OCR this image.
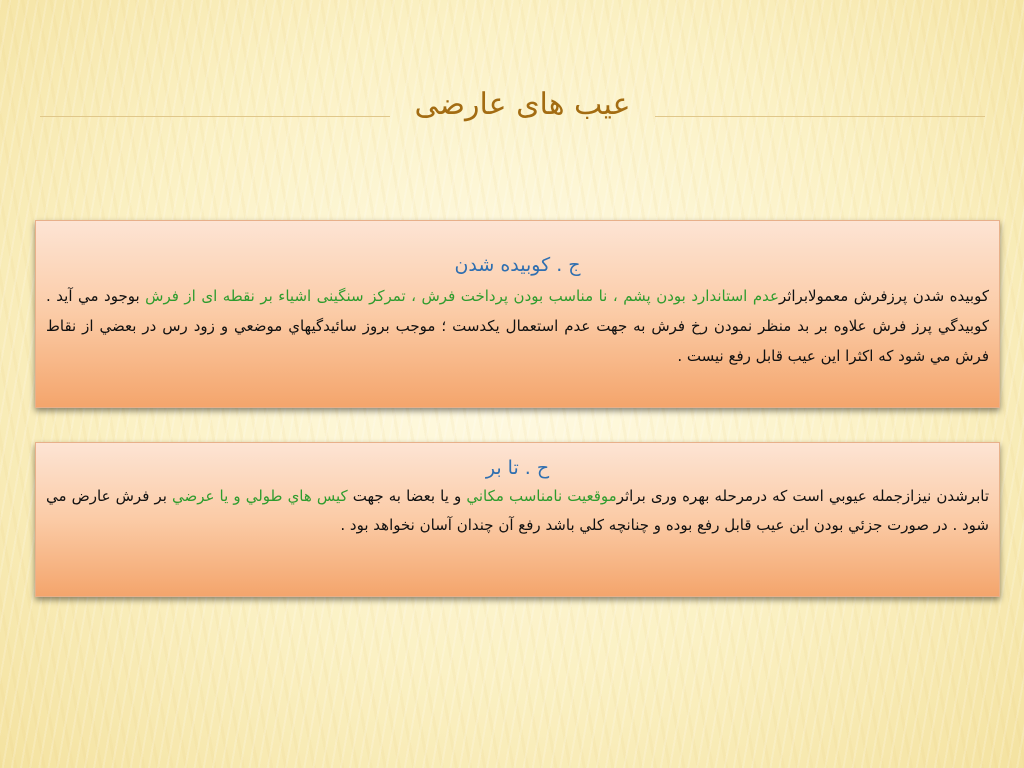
عیب های عارضی
ج . کوبیده شدن

کوبیده شدن پرزفرش معمولابراثرعدم استاندارد بودن پشم ، نا مناسب بودن پرداخت فرش ، تمرکز سنگینی اشیاء بر نقطه ای از فرش بوجود مي آيد . كوبيدگي پرز فرش علاوه بر بد منظر نمودن رخ فرش به جهت عدم استعمال يكدست ؛ موجب بروز سائيدگيهاي موضعي و زود رس در بعضي از نقاط فرش مي شود كه اكثرا اين عيب قابل رفع نيست .

ح . تا بر

تابرشدن نیزازجمله عيوبي است كه درمرحله بهره وری براثرموقعيت نامناسب مكاني و يا بعضا به جهت كيس هاي طولي و يا عرضي بر فرش عارض مي شود . در صورت جزئي بودن اين عيب قابل رفع بوده و چنانچه كلي باشد رفع آن چندان آسان نخواهد بود .
